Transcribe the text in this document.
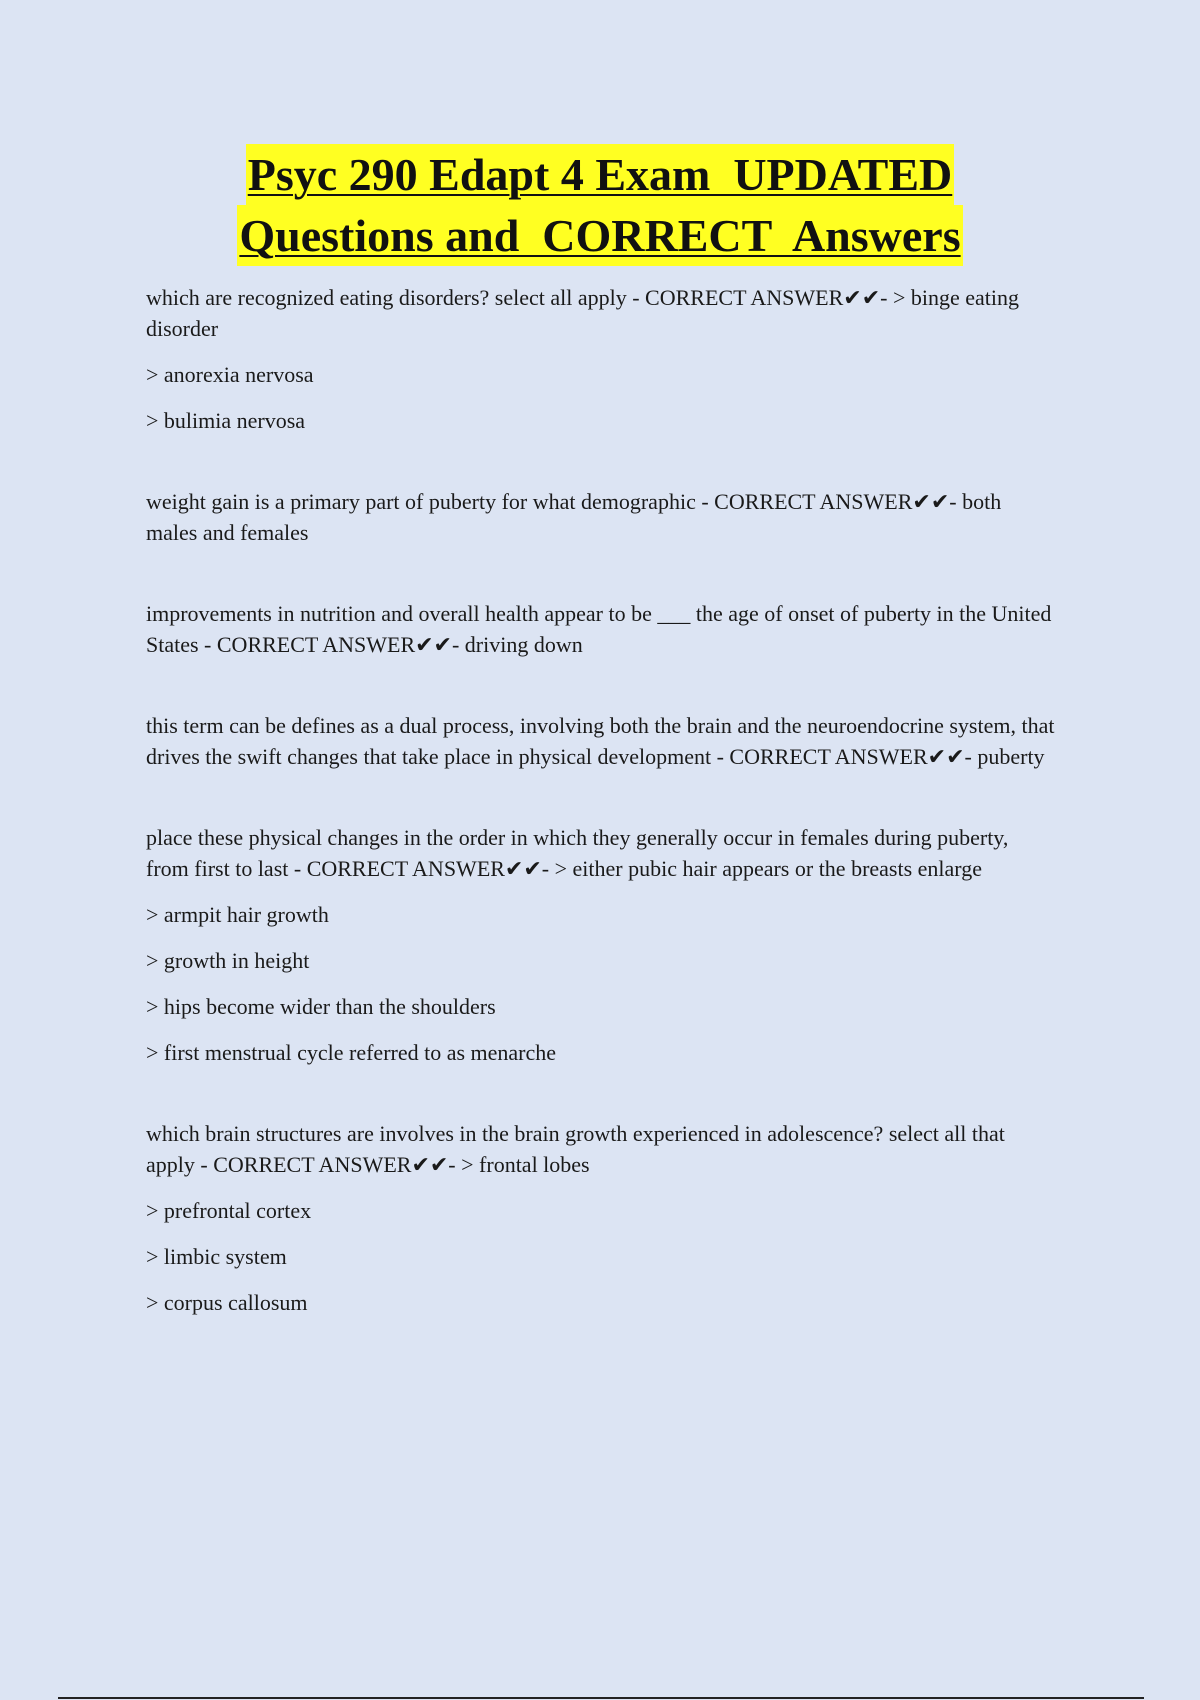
Psyc 290 Edapt 4 Exam  UPDATED
Questions and  CORRECT  Answers

which are recognized eating disorders? select all apply - CORRECT ANSWER✔✔- > binge eating disorder

> anorexia nervosa

> bulimia nervosa

weight gain is a primary part of puberty for what demographic - CORRECT ANSWER✔✔- both males and females

improvements in nutrition and overall health appear to be ___ the age of onset of puberty in the United States - CORRECT ANSWER✔✔- driving down

this term can be defines as a dual process, involving both the brain and the neuroendocrine system, that drives the swift changes that take place in physical development - CORRECT ANSWER✔✔- puberty

place these physical changes in the order in which they generally occur in females during puberty, from first to last - CORRECT ANSWER✔✔- > either pubic hair appears or the breasts enlarge

> armpit hair growth

> growth in height

> hips become wider than the shoulders

> first menstrual cycle referred to as menarche

which brain structures are involves in the brain growth experienced in adolescence? select all that apply - CORRECT ANSWER✔✔- > frontal lobes

> prefrontal cortex

> limbic system

> corpus callosum
